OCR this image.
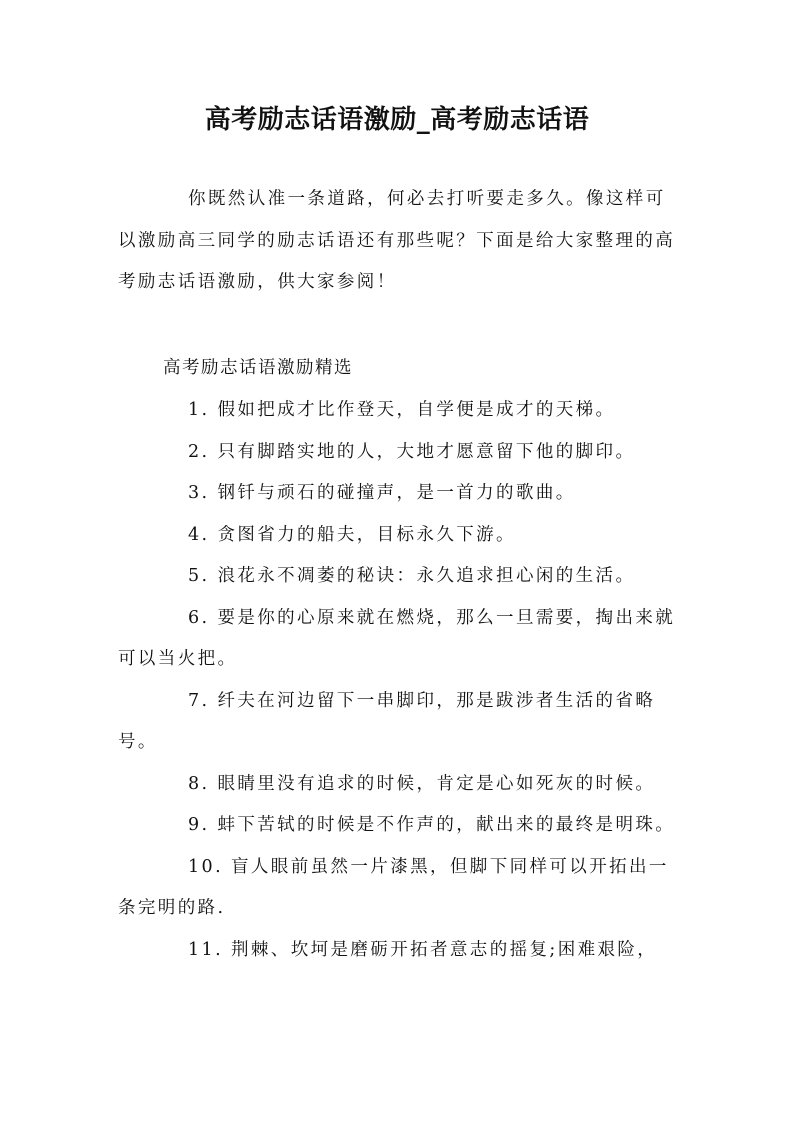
高考励志话语激励_高考励志话语
你既然认准一条道路，何必去打听要走多久。像这样可以激励高三同学的励志话语还有那些呢？下面是给大家整理的高考励志话语激励，供大家参阅！
高考励志话语激励精选

1. 假如把成才比作登天，自学便是成才的天梯。

2. 只有脚踏实地的人，大地才愿意留下他的脚印。

3. 钢钎与顽石的碰撞声，是一首力的歌曲。

4. 贪图省力的船夫，目标永久下游。

5. 浪花永不凋萎的秘诀：永久追求担心闲的生活。

6. 要是你的心原来就在燃烧，那么一旦需要，掏出来就可以当火把。

7. 纤夫在河边留下一串脚印，那是跋涉者生活的省略号。

8. 眼睛里没有追求的时候，肯定是心如死灰的时候。

9. 蚌下苦轼的时候是不作声的，献出来的最终是明珠。

10. 盲人眼前虽然一片漆黑，但脚下同样可以开拓出一条完明的路.

11. 荆棘、坎坷是磨砺开拓者意志的摇复;困难艰险，
